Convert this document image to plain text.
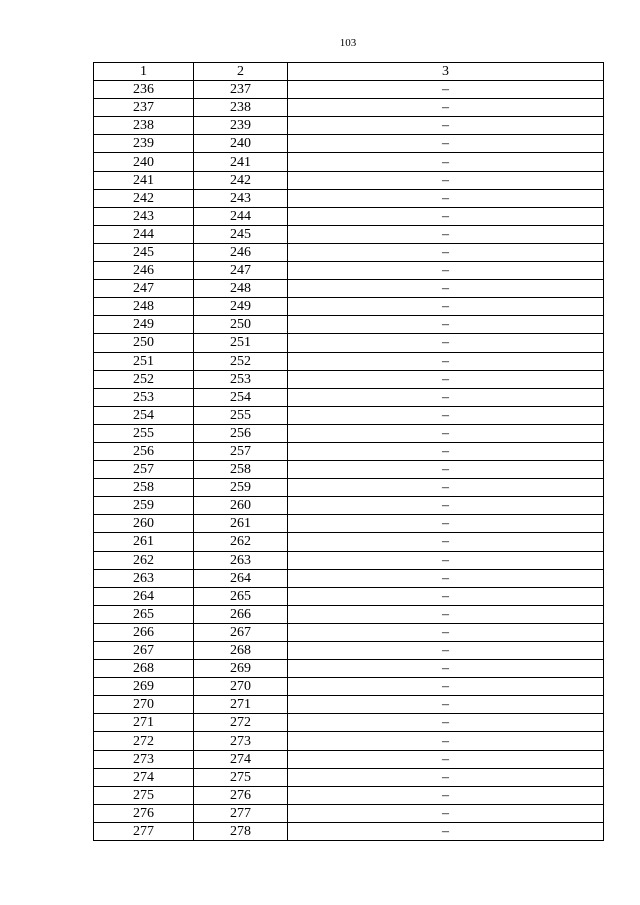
103
1	2	3
236	237	–
237	238	–
238	239	–
239	240	–
240	241	–
241	242	–
242	243	–
243	244	–
244	245	–
245	246	–
246	247	–
247	248	–
248	249	–
249	250	–
250	251	–
251	252	–
252	253	–
253	254	–
254	255	–
255	256	–
256	257	–
257	258	–
258	259	–
259	260	–
260	261	–
261	262	–
262	263	–
263	264	–
264	265	–
265	266	–
266	267	–
267	268	–
268	269	–
269	270	–
270	271	–
271	272	–
272	273	–
273	274	–
274	275	–
275	276	–
276	277	–
277	278	–
